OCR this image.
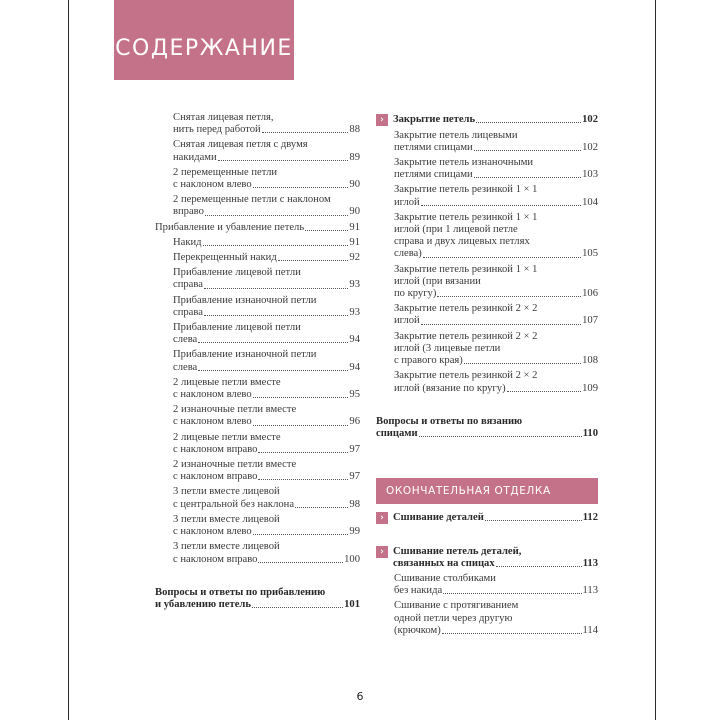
СОДЕРЖАНИЕ
Снятая лицевая петля,
нить перед работой	88
Снятая лицевая петля с двумя
накидами	89
2 перемещенные петли
с наклоном влево	90
2 перемещенные петли с наклоном
вправо	90
Прибавление и убавление петель	91
Накид	91
Перекрещенный накид	92
Прибавление лицевой петли
справа	93
Прибавление изнаночной петли
справа	93
Прибавление лицевой петли
слева	94
Прибавление изнаночной петли
слева	94
2 лицевые петли вместе
с наклоном влево	95
2 изнаночные петли вместе
с наклоном влево	96
2 лицевые петли вместе
с наклоном вправо	97
2 изнаночные петли вместе
с наклоном вправо	97
3 петли вместе лицевой
с центральной без наклона	98
3 петли вместе лицевой
с наклоном влево	99
3 петли вместе лицевой
с наклоном вправо	100
Вопросы и ответы по прибавлению
и убавлению петель	101
› Закрытие петель	102
Закрытие петель лицевыми
петлями спицами	102
Закрытие петель изнаночными
петлями спицами	103
Закрытие петель резинкой 1 × 1
иглой	104
Закрытие петель резинкой 1 × 1
иглой (при 1 лицевой петле
справа и двух лицевых петлях
слева)	105
Закрытие петель резинкой 1 × 1
иглой (при вязании
по кругу)	106
Закрытие петель резинкой 2 × 2
иглой	107
Закрытие петель резинкой 2 × 2
иглой (3 лицевые петли
с правого края)	108
Закрытие петель резинкой 2 × 2
иглой (вязание по кругу)	109
Вопросы и ответы по вязанию
спицами	110
ОКОНЧАТЕЛЬНАЯ ОТДЕЛКА
› Сшивание деталей	112
› Сшивание петель деталей,
связанных на спицах	113
Сшивание столбиками
без накида	113
Сшивание с протягиванием
одной петли через другую
(крючком)	114
6
